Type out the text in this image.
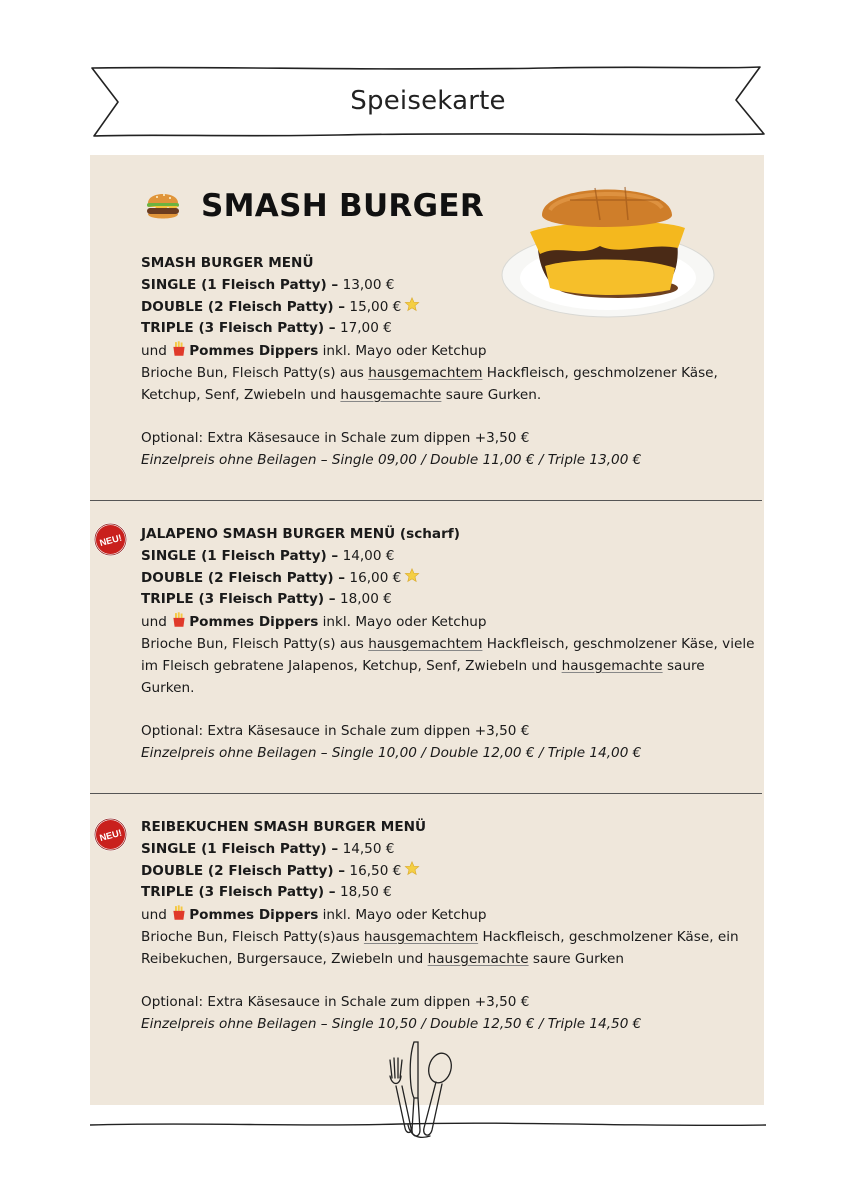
Speisekarte
SMASH BURGER
SMASH BURGER MENÜ
SINGLE (1 Fleisch Patty) – 13,00 €
DOUBLE (2 Fleisch Patty) – 15,00 €
TRIPLE (3 Fleisch Patty) – 17,00 €
und Pommes Dippers inkl. Mayo oder Ketchup
Brioche Bun, Fleisch Patty(s) aus hausgemachtem Hackfleisch, geschmolzener Käse,
Ketchup, Senf, Zwiebeln und hausgemachte saure Gurken.

Optional: Extra Käsesauce in Schale zum dippen +3,50 €
Einzelpreis ohne Beilagen – Single 09,00 / Double 11,00 € / Triple 13,00 €
NEU! JALAPENO SMASH BURGER MENÜ (scharf)
SINGLE (1 Fleisch Patty) – 14,00 €
DOUBLE (2 Fleisch Patty) – 16,00 €
TRIPLE (3 Fleisch Patty) – 18,00 €
und Pommes Dippers inkl. Mayo oder Ketchup
Brioche Bun, Fleisch Patty(s) aus hausgemachtem Hackfleisch, geschmolzener Käse, viele
im Fleisch gebratene Jalapenos, Ketchup, Senf, Zwiebeln und hausgemachte saure
Gurken.

Optional: Extra Käsesauce in Schale zum dippen +3,50 €
Einzelpreis ohne Beilagen – Single 10,00 / Double 12,00 € / Triple 14,00 €
NEU!
REIBEKUCHEN SMASH BURGER MENÜ
SINGLE (1 Fleisch Patty) – 14,50 €
DOUBLE (2 Fleisch Patty) – 16,50 €
TRIPLE (3 Fleisch Patty) – 18,50 €
und Pommes Dippers inkl. Mayo oder Ketchup
Brioche Bun, Fleisch Patty(s)aus hausgemachtem Hackfleisch, geschmolzener Käse, ein
Reibekuchen, Burgersauce, Zwiebeln und hausgemachte saure Gurken

Optional: Extra Käsesauce in Schale zum dippen +3,50 €
Einzelpreis ohne Beilagen – Single 10,50 / Double 12,50 € / Triple 14,50 €
